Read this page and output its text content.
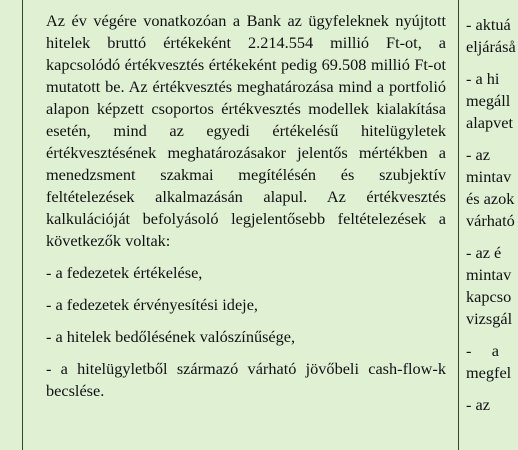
Az év végére vonatkozóan a Bank az ügyfeleknek nyújtott hitelek bruttó értékeként 2.214.554 millió Ft-ot, a kapcsolódó értékvesztés értékeként pedig 69.508 millió Ft-ot mutatott be. Az értékvesztés meghatározása mind a portfolió alapon képzett csoportos értékvesztés modellek kialakítása esetén, mind az egyedi értékelésű hitelügyletek értékvesztésének meghatározásakor jelentős mértékben a menedzsment szakmai megítélésén és szubjektív feltételezések alkalmazásán alapul. Az értékvesztés kalkulációját befolyásoló legjelentősebb feltételezések a következők voltak:

- a fedezetek értékelése,

- a fedezetek érvényesítési ideje,

- a hitelek bedőlésének valószínűsége,

- a hitelügyletből származó várható jövőbeli cash-flow-k becslése.

- aktuá
eljáráså

- a hi
megáll
alapvet

- az
mintav
és azok
várható

- az é
mintav
kapcso
vizsgál

-     a
megfel

- az
